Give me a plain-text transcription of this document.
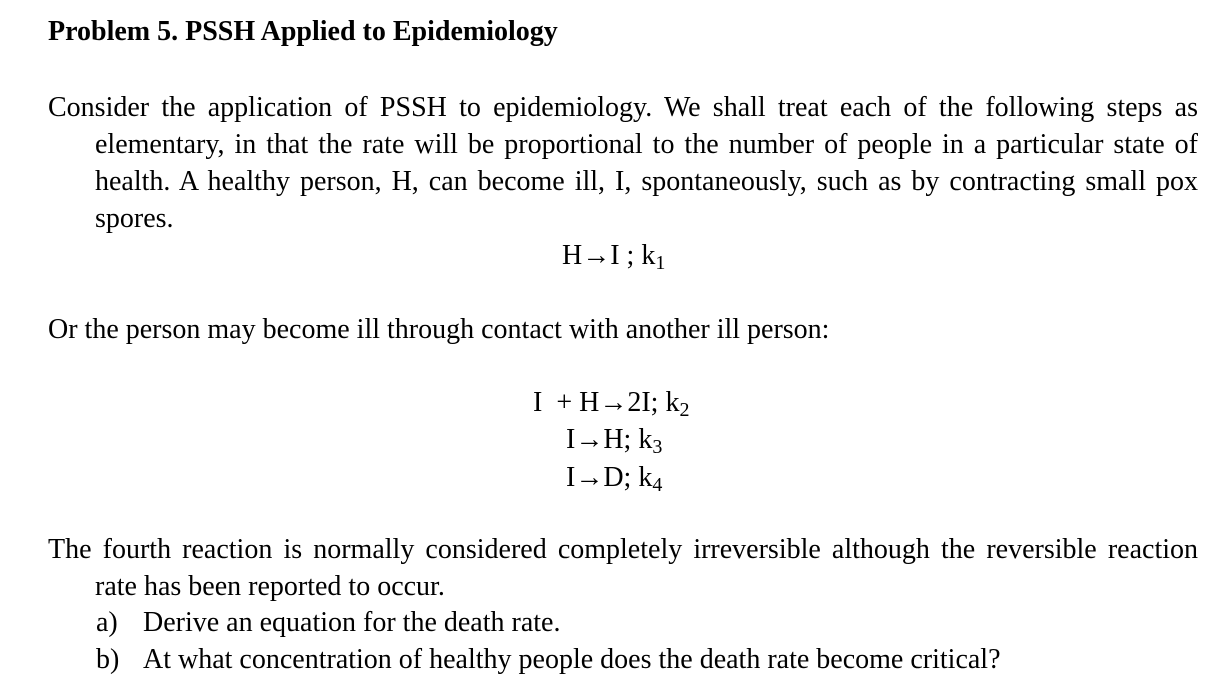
Problem 5. PSSH Applied to Epidemiology
Consider the application of PSSH to epidemiology. We shall treat each of the following steps as elementary, in that the rate will be proportional to the number of people in a particular state of health. A healthy person, H, can become ill, I, spontaneously, such as by contracting small pox spores.
H→I ; $k_1$
Or the person may become ill through contact with another ill person:
I  + H→2I; $k_2$
I→H; $k_3$
I→D; $k_4$
The fourth reaction is normally considered completely irreversible although the reversible reaction rate has been reported to occur.
a) Derive an equation for the death rate.
b) At what concentration of healthy people does the death rate become critical?
